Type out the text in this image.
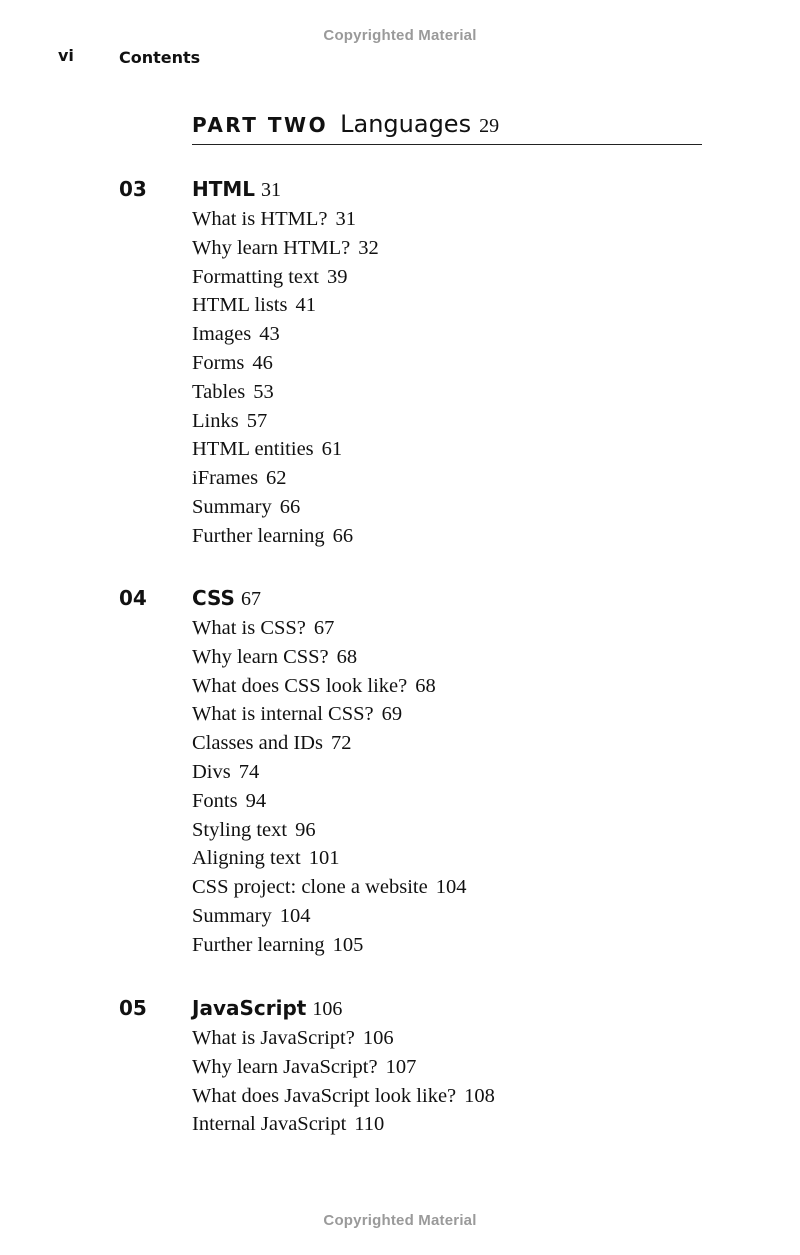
Copyrighted Material
vi	Contents
PART TWO Languages 29
03 HTML 31
What is HTML? 31
Why learn HTML? 32
Formatting text 39
HTML lists 41
Images 43
Forms 46
Tables 53
Links 57
HTML entities 61
iFrames 62
Summary 66
Further learning 66
04 CSS 67
What is CSS? 67
Why learn CSS? 68
What does CSS look like? 68
What is internal CSS? 69
Classes and IDs 72
Divs 74
Fonts 94
Styling text 96
Aligning text 101
CSS project: clone a website 104
Summary 104
Further learning 105
05 JavaScript 106
What is JavaScript? 106
Why learn JavaScript? 107
What does JavaScript look like? 108
Internal JavaScript 110
Copyrighted Material
